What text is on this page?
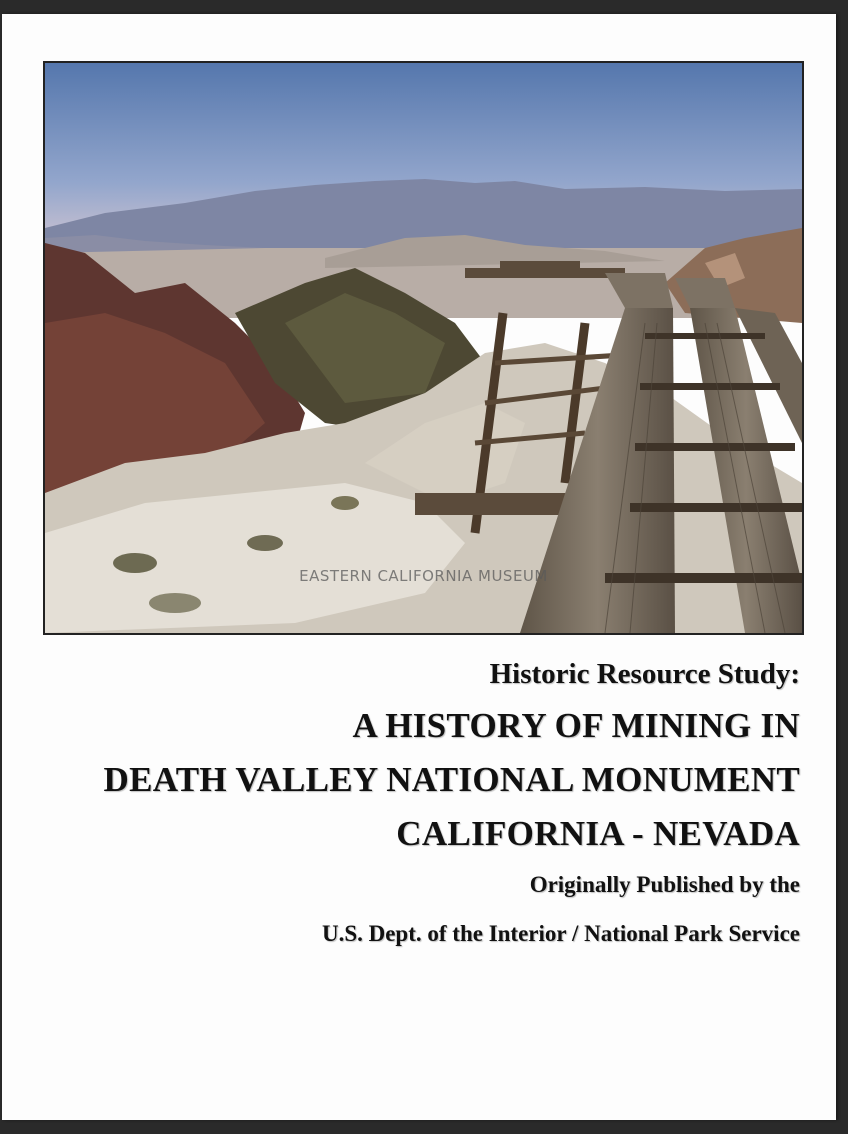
EASTERN CALIFORNIA MUSEUM
Historic Resource Study:
A HISTORY OF MINING IN
DEATH VALLEY NATIONAL MONUMENT
CALIFORNIA - NEVADA
Originally Published by the
U.S. Dept. of the Interior / National Park Service
